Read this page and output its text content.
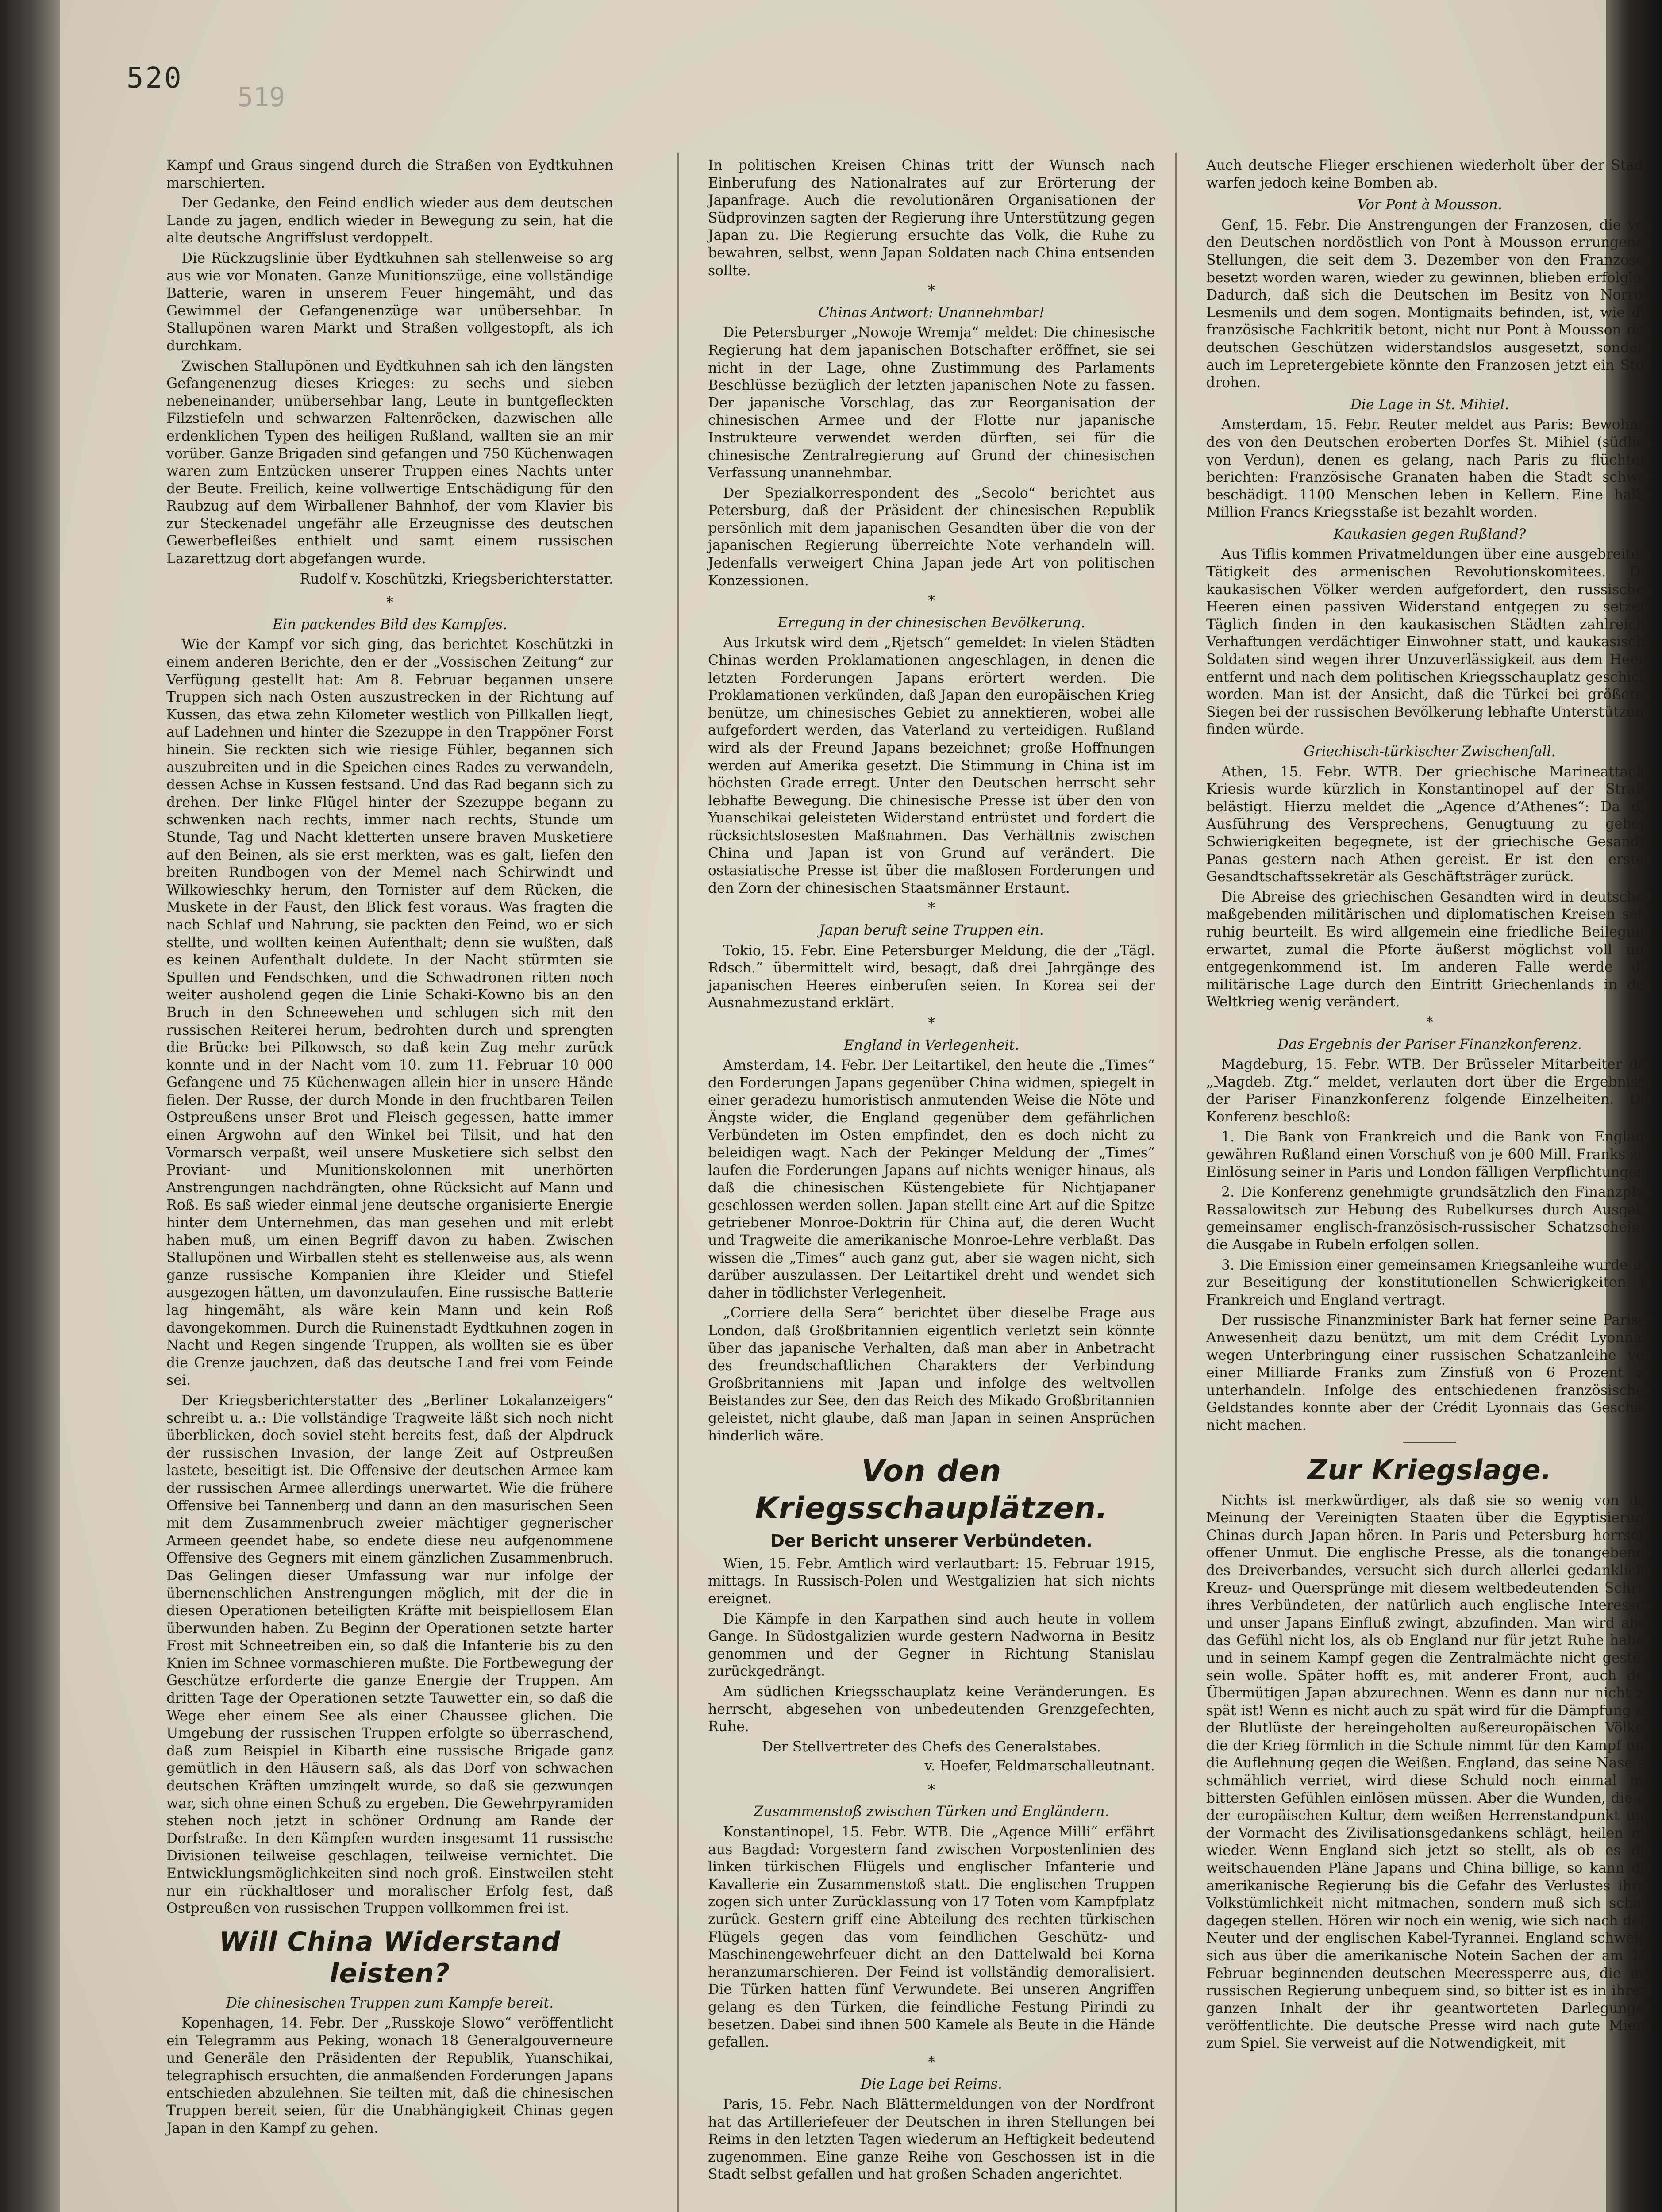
520
519

Kampf und Graus singend durch die Straßen von Eydtkuhnen marschierten.

Der Gedanke, den Feind endlich wieder aus dem deutschen Lande zu jagen, endlich wieder in Bewegung zu sein, hat die alte deutsche Angriffslust verdoppelt.

Die Rückzugslinie über Eydtkuhnen sah stellenweise so arg aus wie vor Monaten. Ganze Munitionszüge, eine vollständige Batterie, waren in unserem Feuer hingemäht, und das Gewimmel der Gefangenenzüge war unübersehbar. In Stallupönen waren Markt und Straßen vollgestopft, als ich durchkam.

Zwischen Stallupönen und Eydtkuhnen sah ich den längsten Gefangenenzug dieses Krieges: zu sechs und sieben nebeneinander, unübersehbar lang, Leute in buntgefleckten Filzstiefeln und schwarzen Faltenröcken, dazwischen alle erdenklichen Typen des heiligen Rußland, wallten sie an mir vorüber. Ganze Brigaden sind gefangen und 750 Küchenwagen waren zum Entzücken unserer Truppen eines Nachts unter der Beute. Freilich, keine vollwertige Entschädigung für den Raubzug auf dem Wirballener Bahnhof, der vom Klavier bis zur Steckenadel ungefähr alle Erzeugnisse des deutschen Gewerbefleißes enthielt und samt einem russischen Lazarettzug dort abgefangen wurde.

Rudolf v. Koschützki, Kriegsberichterstatter.
*
Ein packendes Bild des Kampfes.

Wie der Kampf vor sich ging, das berichtet Koschützki in einem anderen Berichte, den er der „Vossischen Zeitung“ zur Verfügung gestellt hat: Am 8. Februar begannen unsere Truppen sich nach Osten auszustrecken in der Richtung auf Kussen, das etwa zehn Kilometer westlich von Pillkallen liegt, auf Ladehnen und hinter die Szezuppe in den Trappöner Forst hinein. Sie reckten sich wie riesige Fühler, begannen sich auszubreiten und in die Speichen eines Rades zu verwandeln, dessen Achse in Kussen festsand. Und das Rad begann sich zu drehen. Der linke Flügel hinter der Szezuppe begann zu schwenken nach rechts, immer nach rechts, Stunde um Stunde, Tag und Nacht kletterten unsere braven Musketiere auf den Beinen, als sie erst merkten, was es galt, liefen den breiten Rundbogen von der Memel nach Schirwindt und Wilkowieschky herum, den Tornister auf dem Rücken, die Muskete in der Faust, den Blick fest voraus. Was fragten die nach Schlaf und Nahrung, sie packten den Feind, wo er sich stellte, und wollten keinen Aufenthalt; denn sie wußten, daß es keinen Aufenthalt duldete. In der Nacht stürmten sie Spullen und Fendschken, und die Schwadronen ritten noch weiter ausholend gegen die Linie Schaki-Kowno bis an den Bruch in den Schneewehen und schlugen sich mit den russischen Reiterei herum, bedrohten durch und sprengten die Brücke bei Pilkowsch, so daß kein Zug mehr zurück konnte und in der Nacht vom 10. zum 11. Februar 10 000 Gefangene und 75 Küchenwagen allein hier in unsere Hände fielen. Der Russe, der durch Monde in den fruchtbaren Teilen Ostpreußens unser Brot und Fleisch gegessen, hatte immer einen Argwohn auf den Winkel bei Tilsit, und hat den Vormarsch verpaßt, weil unsere Musketiere sich selbst den Proviant- und Munitionskolonnen mit unerhörten Anstrengungen nachdrängten, ohne Rücksicht auf Mann und Roß. Es saß wieder einmal jene deutsche organisierte Energie hinter dem Unternehmen, das man gesehen und mit erlebt haben muß, um einen Begriff davon zu haben. Zwischen Stallupönen und Wirballen steht es stellenweise aus, als wenn ganze russische Kompanien ihre Kleider und Stiefel ausgezogen hätten, um davonzulaufen. Eine russische Batterie lag hingemäht, als wäre kein Mann und kein Roß davongekommen. Durch die Ruinenstadt Eydtkuhnen zogen in Nacht und Regen singende Truppen, als wollten sie es über die Grenze jauchzen, daß das deutsche Land frei vom Feinde sei.

Der Kriegsberichterstatter des „Berliner Lokalanzeigers“ schreibt u. a.: Die vollständige Tragweite läßt sich noch nicht überblicken, doch soviel steht bereits fest, daß der Alpdruck der russischen Invasion, der lange Zeit auf Ostpreußen lastete, beseitigt ist. Die Offensive der deutschen Armee kam der russischen Armee allerdings unerwartet. Wie die frühere Offensive bei Tannenberg und dann an den masurischen Seen mit dem Zusammenbruch zweier mächtiger gegnerischer Armeen geendet habe, so endete diese neu aufgenommene Offensive des Gegners mit einem gänzlichen Zusammenbruch. Das Gelingen dieser Umfassung war nur infolge der übernenschlichen Anstrengungen möglich, mit der die in diesen Operationen beteiligten Kräfte mit beispiellosem Elan überwunden haben. Zu Beginn der Operationen setzte harter Frost mit Schneetreiben ein, so daß die Infanterie bis zu den Knien im Schnee vormaschieren mußte. Die Fortbewegung der Geschütze erforderte die ganze Energie der Truppen. Am dritten Tage der Operationen setzte Tauwetter ein, so daß die Wege eher einem See als einer Chaussee glichen. Die Umgebung der russischen Truppen erfolgte so überraschend, daß zum Beispiel in Kibarth eine russische Brigade ganz gemütlich in den Häusern saß, als das Dorf von schwachen deutschen Kräften umzingelt wurde, so daß sie gezwungen war, sich ohne einen Schuß zu ergeben. Die Gewehrpyramiden stehen noch jetzt in schöner Ordnung am Rande der Dorfstraße. In den Kämpfen wurden insgesamt 11 russische Divisionen teilweise geschlagen, teilweise vernichtet. Die Entwicklungsmöglichkeiten sind noch groß. Einstweilen steht nur ein rückhaltloser und moralischer Erfolg fest, daß Ostpreußen von russischen Truppen vollkommen frei ist.

Will China Widerstand leisten?
Die chinesischen Truppen zum Kampfe bereit.

Kopenhagen, 14. Febr. Der „Russkoje Slowo“ veröffentlicht ein Telegramm aus Peking, wonach 18 Generalgouverneure und Generäle den Präsidenten der Republik, Yuanschikai, telegraphisch ersuchten, die anmaßenden Forderungen Japans entschieden abzulehnen. Sie teilten mit, daß die chinesischen Truppen bereit seien, für die Unabhängigkeit Chinas gegen Japan in den Kampf zu gehen.

In politischen Kreisen Chinas tritt der Wunsch nach Einberufung des Nationalrates auf zur Erörterung der Japanfrage. Auch die revolutionären Organisationen der Südprovinzen sagten der Regierung ihre Unterstützung gegen Japan zu. Die Regierung ersuchte das Volk, die Ruhe zu bewahren, selbst, wenn Japan Soldaten nach China entsenden sollte.

*
Chinas Antwort: Unannehmbar!

Die Petersburger „Nowoje Wremja“ meldet: Die chinesische Regierung hat dem japanischen Botschafter eröffnet, sie sei nicht in der Lage, ohne Zustimmung des Parlaments Beschlüsse bezüglich der letzten japanischen Note zu fassen. Der japanische Vorschlag, das zur Reorganisation der chinesischen Armee und der Flotte nur japanische Instrukteure verwendet werden dürften, sei für die chinesische Zentralregierung auf Grund der chinesischen Verfassung unannehmbar.

Der Spezialkorrespondent des „Secolo“ berichtet aus Petersburg, daß der Präsident der chinesischen Republik persönlich mit dem japanischen Gesandten über die von der japanischen Regierung überreichte Note verhandeln will. Jedenfalls verweigert China Japan jede Art von politischen Konzessionen.

*
Erregung in der chinesischen Bevölkerung.

Aus Irkutsk wird dem „Rjetsch“ gemeldet: In vielen Städten Chinas werden Proklamationen angeschlagen, in denen die letzten Forderungen Japans erörtert werden. Die Proklamationen verkünden, daß Japan den europäischen Krieg benütze, um chinesisches Gebiet zu annektieren, wobei alle aufgefordert werden, das Vaterland zu verteidigen. Rußland wird als der Freund Japans bezeichnet; große Hoffnungen werden auf Amerika gesetzt. Die Stimmung in China ist im höchsten Grade erregt. Unter den Deutschen herrscht sehr lebhafte Bewegung. Die chinesische Presse ist über den von Yuanschikai geleisteten Widerstand entrüstet und fordert die rücksichtslosesten Maßnahmen. Das Verhältnis zwischen China und Japan ist von Grund auf verändert. Die ostasiatische Presse ist über die maßlosen Forderungen und den Zorn der chinesischen Staatsmänner Erstaunt.

*
Japan beruft seine Truppen ein.

Tokio, 15. Febr. Eine Petersburger Meldung, die der „Tägl. Rdsch.“ übermittelt wird, besagt, daß drei Jahrgänge des japanischen Heeres einberufen seien. In Korea sei der Ausnahmezustand erklärt.

*
England in Verlegenheit.

Amsterdam, 14. Febr. Der Leitartikel, den heute die „Times“ den Forderungen Japans gegenüber China widmen, spiegelt in einer geradezu humoristisch anmutenden Weise die Nöte und Ängste wider, die England gegenüber dem gefährlichen Verbündeten im Osten empfindet, den es doch nicht zu beleidigen wagt. Nach der Pekinger Meldung der „Times“ laufen die Forderungen Japans auf nichts weniger hinaus, als daß die chinesischen Küstengebiete für Nichtjapaner geschlossen werden sollen. Japan stellt eine Art auf die Spitze getriebener Monroe-Doktrin für China auf, die deren Wucht und Tragweite die amerikanische Monroe-Lehre verblaßt. Das wissen die „Times“ auch ganz gut, aber sie wagen nicht, sich darüber auszulassen. Der Leitartikel dreht und wendet sich daher in tödlichster Verlegenheit.

„Corriere della Sera“ berichtet über dieselbe Frage aus London, daß Großbritannien eigentlich verletzt sein könnte über das japanische Verhalten, daß man aber in Anbetracht des freundschaftlichen Charakters der Verbindung Großbritanniens mit Japan und infolge des weltvollen Beistandes zur See, den das Reich des Mikado Großbritannien geleistet, nicht glaube, daß man Japan in seinen Ansprüchen hinderlich wäre.

Von den Kriegsschauplätzen.
Der Bericht unserer Verbündeten.

Wien, 15. Febr. Amtlich wird verlautbart: 15. Februar 1915, mittags. In Russisch-Polen und Westgalizien hat sich nichts ereignet.

Die Kämpfe in den Karpathen sind auch heute in vollem Gange. In Südostgalizien wurde gestern Nadworna in Besitz genommen und der Gegner in Richtung Stanislau zurückgedrängt.

Am südlichen Kriegsschauplatz keine Veränderungen. Es herrscht, abgesehen von unbedeutenden Grenzgefechten, Ruhe.

Der Stellvertreter des Chefs des Generalstabes.
v. Hoefer, Feldmarschalleutnant.
*
Zusammenstoß zwischen Türken und Engländern.

Konstantinopel, 15. Febr. WTB. Die „Agence Milli“ erfährt aus Bagdad: Vorgestern fand zwischen Vorpostenlinien des linken türkischen Flügels und englischer Infanterie und Kavallerie ein Zusammenstoß statt. Die englischen Truppen zogen sich unter Zurücklassung von 17 Toten vom Kampfplatz zurück. Gestern griff eine Abteilung des rechten türkischen Flügels gegen das vom feindlichen Geschütz- und Maschinengewehrfeuer dicht an den Dattelwald bei Korna heranzumarschieren. Der Feind ist vollständig demoralisiert. Die Türken hatten fünf Verwundete. Bei unseren Angriffen gelang es den Türken, die feindliche Festung Pirindi zu besetzen. Dabei sind ihnen 500 Kamele als Beute in die Hände gefallen.

*
Die Lage bei Reims.

Paris, 15. Febr. Nach Blättermeldungen von der Nordfront hat das Artilleriefeuer der Deutschen in ihren Stellungen bei Reims in den letzten Tagen wiederum an Heftigkeit bedeutend zugenommen. Eine ganze Reihe von Geschossen ist in die Stadt selbst gefallen und hat großen Schaden angerichtet.

Auch deutsche Flieger erschienen wiederholt über der Stadt, warfen jedoch keine Bomben ab.

Vor Pont à Mousson.

Genf, 15. Febr. Die Anstrengungen der Franzosen, die von den Deutschen nordöstlich von Pont à Mousson errungenen Stellungen, die seit dem 3. Dezember von den Franzosen besetzt worden waren, wieder zu gewinnen, blieben erfolglos. Dadurch, daß sich die Deutschen im Besitz von Norroy, Lesmenils und dem sogen. Montignaits befinden, ist, wie die französische Fachkritik betont, nicht nur Pont à Mousson den deutschen Geschützen widerstandslos ausgesetzt, sondern auch im Lepretergebiete könnte den Franzosen jetzt ein Stoß drohen.

Die Lage in St. Mihiel.

Amsterdam, 15. Febr. Reuter meldet aus Paris: Bewohner des von den Deutschen eroberten Dorfes St. Mihiel (südlich von Verdun), denen es gelang, nach Paris zu flüchten, berichten: Französische Granaten haben die Stadt schwer beschädigt. 1100 Menschen leben in Kellern. Eine halbe Million Francs Kriegsstaße ist bezahlt worden.

Kaukasien gegen Rußland?

Aus Tiflis kommen Privatmeldungen über eine ausgebreitete Tätigkeit des armenischen Revolutionskomitees. Die kaukasischen Völker werden aufgefordert, den russischen Heeren einen passiven Widerstand entgegen zu setzen. Täglich finden in den kaukasischen Städten zahlreiche Verhaftungen verdächtiger Einwohner statt, und kaukasische Soldaten sind wegen ihrer Unzuverlässigkeit aus dem Heere entfernt und nach dem politischen Kriegsschauplatz geschickt worden. Man ist der Ansicht, daß die Türkei bei größeren Siegen bei der russischen Bevölkerung lebhafte Unterstützung finden würde.

Griechisch-türkischer Zwischenfall.

Athen, 15. Febr. WTB. Der griechische Marineattaché Kriesis wurde kürzlich in Konstantinopel auf der Straße belästigt. Hierzu meldet die „Agence d’Athenes“: Da die Ausführung des Versprechens, Genugtuung zu geben, Schwierigkeiten begegnete, ist der griechische Gesandte Panas gestern nach Athen gereist. Er ist den ersten Gesandtschaftssekretär als Geschäftsträger zurück.

Die Abreise des griechischen Gesandten wird in deutschen maßgebenden militärischen und diplomatischen Kreisen sehr ruhig beurteilt. Es wird allgemein eine friedliche Beilegung erwartet, zumal die Pforte äußerst möglichst voll und entgegenkommend ist. Im anderen Falle werde die militärische Lage durch den Eintritt Griechenlands in den Weltkrieg wenig verändert.

*
Das Ergebnis der Pariser Finanzkonferenz.

Magdeburg, 15. Febr. WTB. Der Brüsseler Mitarbeiter der „Magdeb. Ztg.“ meldet, verlauten dort über die Ergebnisse der Pariser Finanzkonferenz folgende Einzelheiten. Die Konferenz beschloß:

1. Die Bank von Frankreich und die Bank von England gewähren Rußland einen Vorschuß von je 600 Mill. Franks zur Einlösung seiner in Paris und London fälligen Verpflichtungen.

2. Die Konferenz genehmigte grundsätzlich den Finanzplan Rassalowitsch zur Hebung des Rubelkurses durch Ausgabe gemeinsamer englisch-französisch-russischer Schatzscheine, die Ausgabe in Rubeln erfolgen sollen.

3. Die Emission einer gemeinsamen Kriegsanleihe wurde bis zur Beseitigung der konstitutionellen Schwierigkeiten in Frankreich und England vertragt.

Der russische Finanzminister Bark hat ferner seine Pariser Anwesenheit dazu benützt, um mit dem Crédit Lyonnais wegen Unterbringung einer russischen Schatzanleihe von einer Milliarde Franks zum Zinsfuß von 6 Prozent zu unterhandeln. Infolge des entschiedenen französischen Geldstandes konnte aber der Crédit Lyonnais das Geschäft nicht machen.

Zur Kriegslage.

Nichts ist merkwürdiger, als daß sie so wenig von der Meinung der Vereinigten Staaten über die Egyptisierung Chinas durch Japan hören. In Paris und Petersburg herrscht offener Unmut. Die englische Presse, als die tonangebende des Dreiverbandes, versucht sich durch allerlei gedankliche Kreuz- und Quersprünge mit diesem weltbedeutenden Schritt ihres Verbündeten, der natürlich auch englische Interessen und unser Japans Einfluß zwingt, abzufinden. Man wird aber das Gefühl nicht los, als ob England nur für jetzt Ruhe haben und in seinem Kampf gegen die Zentralmächte nicht gestört sein wolle. Später hofft es, mit anderer Front, auch den Übermütigen Japan abzurechnen. Wenn es dann nur nicht zu spät ist! Wenn es nicht auch zu spät wird für die Dämpfung all der Blutlüste der hereingeholten außereuropäischen Völker, die der Krieg förmlich in die Schule nimmt für den Kampf und die Auflehnung gegen die Weißen. England, das seine Nase so schmählich verriet, wird diese Schuld noch einmal mit bittersten Gefühlen einlösen müssen. Aber die Wunden, die es der europäischen Kultur, dem weißen Herrenstandpunkt und der Vormacht des Zivilisationsgedankens schlägt, heilen nie wieder. Wenn England sich jetzt so stellt, als ob es die weitschauenden Pläne Japans und China billige, so kann die amerikanische Regierung bis die Gefahr des Verlustes ihrer Volkstümlichkeit nicht mitmachen, sondern muß sich scharf dagegen stellen. Hören wir noch ein wenig, wie sich nach dem Neuter und der englischen Kabel-Tyrannei. England schweigt sich aus über die amerikanische Notein Sachen der am 18. Februar beginnenden deutschen Meeressperre aus, die mit russischen Regierung unbequem sind, so bitter ist es in ihrem ganzen Inhalt der ihr geantworteten Darlegungen veröffentlichte. Die deutsche Presse wird nach gute Miene zum Spiel. Sie verweist auf die Notwendigkeit, mit
